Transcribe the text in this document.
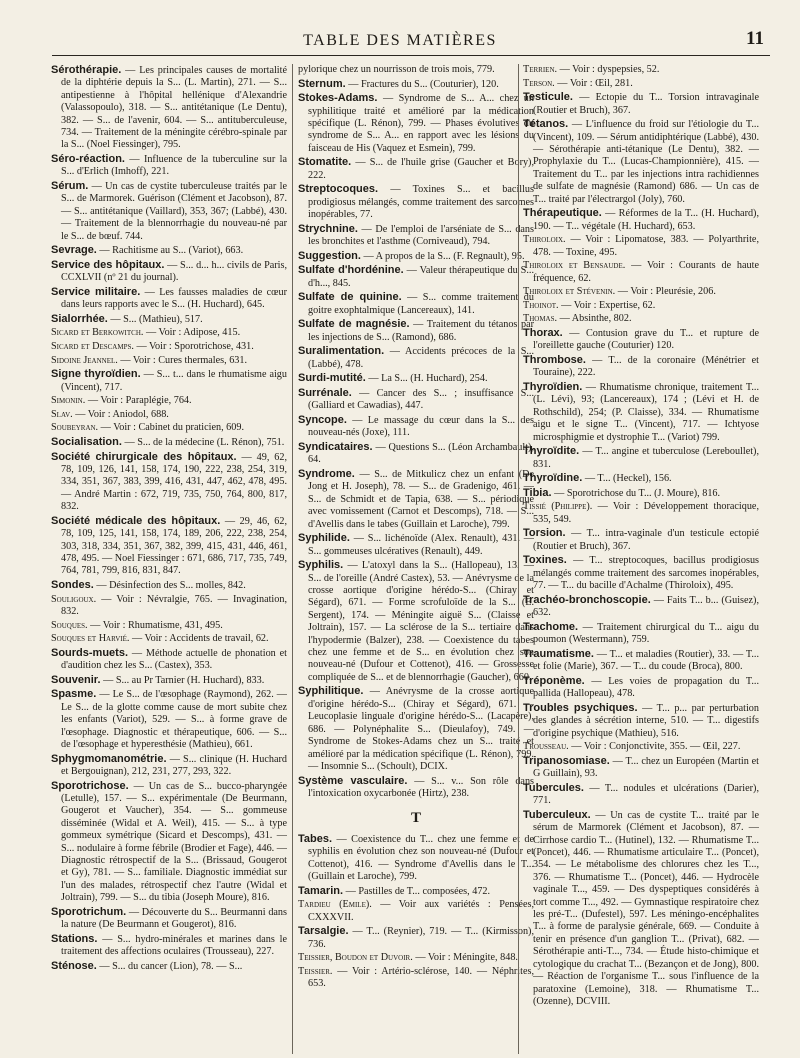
TABLE DES MATIÈRES	11
Sérothérapie. — Les principales causes de mortalité de la diphtérie depuis la S... (L. Martin), 271. — S... antipestienne à l'hôpital hellénique d'Alexandrie (Valassopoulo), 318. — S... antitétanique (Le Dentu), 382. — S... de l'avenir, 604. — S... antituberculeuse, 734. — Traitement de la méningite cérébro-spinale par la S... (Noel Fiessinger), 795.
Séro-réaction. — Influence de la tuberculine sur la S... d'Erlich (Imhoff), 221.
Sérum. — Un cas de cystite tuberculeuse traités par le S... de Marmorek. Guérison (Clément et Jacobson), 87. — S... antitétanique (Vaillard), 353, 367; (Labbé), 430. — Traitement de la blennorrhagie du nouveau-né par le S... de bœuf. 744.
Sevrage. — Rachitisme au S... (Variot), 663.
Service des hôpitaux. — S... d... h... civils de Paris, CCXLVII (nº 21 du journal).
Service militaire. — Les fausses maladies de cœur dans leurs rapports avec le S... (H. Huchard), 645.
Sialorrhée. — S... (Mathieu), 517.
Sicard et Berkowitch. — Voir : Adipose, 415.
Sicard et Descamps. — Voir : Sporotrichose, 431.
Sidoine Jeannel. — Voir : Cures thermales, 631.
Signe thyroïdien. — S... t... dans le rhumatisme aigu (Vincent), 717.
Simonin. — Voir : Paraplégie, 764.
Slav. — Voir : Aniodol, 688.
Soubeyran. — Voir : Cabinet du praticien, 609.
Socialisation. — S... de la médecine (L. Rénon), 751.
Société chirurgicale des hôpitaux. — 49, 62, 78, 109, 126, 141, 158, 174, 190, 222, 238, 254, 319, 334, 351, 367, 383, 399, 416, 431, 447, 462, 478, 495. — André Martin : 672, 719, 735, 750, 764, 800, 817, 832.
Société médicale des hôpitaux. — 29, 46, 62, 78, 109, 125, 141, 158, 174, 189, 206, 222, 238, 254, 303, 318, 334, 351, 367, 382, 399, 415, 431, 446, 461, 478, 495. — Noel Fiessinger : 671, 686, 717, 735, 749, 764, 781, 799, 816, 831, 847.
Sondes. — Désinfection des S... molles, 842.
Souligoux. — Voir : Névralgie, 765. — Invagination, 832.
Souques. — Voir : Rhumatisme, 431, 495.
Souques et Harvié. — Voir : Accidents de travail, 62.
Sourds-muets. — Méthode actuelle de phonation et d'audition chez les S... (Castex), 353.
Souvenir. — S... au Pr Tarnier (H. Huchard), 833.
Spasme. — Le S... de l'œsophage (Raymond), 262. — Le S... de la glotte comme cause de mort subite chez les enfants (Variot), 529. — S... à forme grave de l'œsophage. Diagnostic et thérapeutique, 606. — S... de l'œsophage et hyperesthésie (Mathieu), 661.
Sphygmomanométrie. — S... clinique (H. Huchard et Bergouignan), 212, 231, 277, 293, 322.
Sporotrichose. — Un cas de S... bucco-pharyngée (Letulle), 157. — S... expérimentale (De Beurmann, Gougerot et Vaucher), 354. — S... gommeuse disséminée (Widal et A. Weil), 415. — S... à type gommeux symétrique (Sicard et Descomps), 431. — S... nodulaire à forme fébrile (Brodier et Fage), 446. — Diagnostic rétrospectif de la S... (Brissaud, Gougerot et Gy), 781. — S... familiale. Diagnostic immédiat sur l'un des malades, rétrospectif chez l'autre (Widal et Joltrain), 799. — S... du tibia (Joseph Moure), 816.
Sporotrichum. — Découverte du S... Beurmanni dans la nature (De Beurmann et Gougerot), 816.
Stations. — S... hydro-minérales et marines dans le traitement des affections oculaires (Trousseau), 227.
Sténose. — S... du cancer (Lion), 78. — S...
pylorique chez un nourrisson de trois mois, 779.
Sternum. — Fractures du S... (Couturier), 120.
Stokes-Adams. — Syndrome de S... A... chez un syphilitique traité et amélioré par la médication spécifique (L. Rénon), 799. — Phases évolutives du syndrome de S... A... en rapport avec les lésions du faisceau de His (Vaquez et Esmein), 799.
Stomatite. — S... de l'huile grise (Gaucher et Bory), 222.
Streptocoques. — Toxines S... et bacillus prodigiosus mélangés, comme traitement des sarcomes inopérables, 77.
Strychnine. — De l'emploi de l'arséniate de S... dans les bronchites et l'asthme (Corniveaud), 794.
Suggestion. — A propos de la S... (F. Regnault), 95.
Sulfate d'hordénine. — Valeur thérapeutique du S... d'h..., 845.
Sulfate de quinine. — S... comme traitement du goitre exophtalmique (Lancereaux), 141.
Sulfate de magnésie. — Traitement du tétanos par les injections de S... (Ramond), 686.
Suralimentation. — Accidents précoces de la S... (Labbé), 478.
Surdi-mutité. — La S... (H. Huchard), 254.
Surrénale. — Cancer des S... ; insuffisance S... (Galliard et Cawadias), 447.
Syncope. — Le massage du cœur dans la S... des nouveau-nés (Joxe), 111.
Syndicataires. — Questions S... (Léon Archambault), 64.
Syndrome. — S... de Mitkulicz chez un enfant (De Jong et H. Joseph), 78. — S... de Gradenigo, 461. — S... de Schmidt et de Tapia, 638. — S... périodique avec vomissement (Carnot et Descomps), 718. — S... d'Avellis dans le tabes (Guillain et Laroche), 799.
Syphilide. — S... lichénoïde (Alex. Renault), 431. — S... gommeuses ulcératives (Renault), 449.
Syphilis. — L'atoxyl dans la S... (Hallopeau), 13. — S... de l'oreille (André Castex), 53. — Anévrysme de la crosse aortique d'origine hérédo-S... (Chiray et Ségard), 671. — Forme scrofuloïde de la S... (E. Sergent), 174. — Méningite aiguë S... (Claisse et Joltrain), 157. — La sclérose de la S... tertiaire dans l'hypodermie (Balzer), 238. — Coexistence du tabes chez une femme et de S... en évolution chez son nouveau-né (Dufour et Cottenot), 416. — Grossesse compliquée de S... et de blennorrhagie (Gaucher), 660.
Syphilitique. — Anévrysme de la crosse aortique d'origine hérédo-S... (Chiray et Ségard), 671. — Leucoplasie linguale d'origine hérédo-S... (Lacapère), 686. — Polynéphalite S... (Dieulafoy), 749. — Syndrome de Stokes-Adams chez un S... traité et amélioré par la médication spécifique (L. Rénon), 799. — Insomnie S... (Schoult), DCIX.
Système vasculaire. — S... v... Son rôle dans l'intoxication oxycarbonée (Hirtz), 238.
T
Tabes. — Coexistence du T... chez une femme et de syphilis en évolution chez son nouveau-né (Dufour et Cottenot), 416. — Syndrome d'Avellis dans le T... (Guillain et Laroche), 799.
Tamarin. — Pastilles de T... composées, 472.
Tardieu (Emile). — Voir aux variétés : Pensées, CXXXVII.
Tarsalgie. — T... (Reynier), 719. — T... (Kirmisson), 736.
Teissier, Boudon et Duvoir. — Voir : Méningite, 848.
Teissier. — Voir : Artério-sclérose, 140. — Néphrites, 653.
Terrien. — Voir : dyspepsies, 52.
Terson. — Voir : Œil, 281.
Testicule. — Ectopie du T... Torsion intravaginale (Routier et Bruch), 367.
Tétanos. — L'influence du froid sur l'étiologie du T... (Vincent), 109. — Sérum antidiphtérique (Labbé), 430. — Sérothérapie anti-tétanique (Le Dentu), 382. — Prophylaxie du T... (Lucas-Championnière), 415. — Traitement du T... par les injections intra rachidiennes de sulfate de magnésie (Ramond) 686. — Un cas de T... traité par l'électrargol (Joly), 760.
Thérapeutique. — Réformes de la T... (H. Huchard), 190. — T... végétale (H. Huchard), 653.
Thiroloix. — Voir : Lipomatose, 383. — Polyarthrite, 478. — Toxine, 495.
Thiroloix et Bensaude. — Voir : Courants de haute fréquence, 62.
Thiroloix et Stévenin. — Voir : Pleurésie, 206.
Thoinot. — Voir : Expertise, 62.
Thomas. — Absinthe, 802.
Thorax. — Contusion grave du T... et rupture de l'oreillette gauche (Couturier) 120.
Thrombose. — T... de la coronaire (Ménétrier et Touraine), 222.
Thyroïdien. — Rhumatisme chronique, traitement T... (L. Lévi), 93; (Lancereaux), 174 ; (Lévi et H. de Rothschild), 254; (P. Claisse), 334. — Rhumatisme aigu et le signe T... (Vincent), 717. — Ichtyose microsphigmie et dystrophie T... (Variot) 799.
Thyroïdite. — T... angine et tuberculose (Lereboullet), 831.
Thyroïdine. — T... (Heckel), 156.
Tibia. — Sporotrichose du T... (J. Moure), 816.
Tissié (Philippe). — Voir : Développement thoracique, 535, 549.
Torsion. — T... intra-vaginale d'un testicule ectopié (Routier et Bruch), 367.
Toxines. — T... streptocoques, bacillus prodigiosus mélangés comme traitement des sarcomes inopérables, 77. — T... du bacille d'Achalme (Thiroloix), 495.
Trachéo-bronchoscopie. — Faits T... b... (Guisez), 632.
Trachome. — Traitement chirurgical du T... aigu du poumon (Westermann), 759.
Traumatisme. — T... et maladies (Routier), 33. — T... et folie (Marie), 367. — T... du coude (Broca), 800.
Tréponème. — Les voies de propagation du T... pallida (Hallopeau), 478.
Troubles psychiques. — T... p... par perturbation des glandes à sécrétion interne, 510. — T... digestifs d'origine psychique (Mathieu), 516.
Trousseau. — Voir : Conjonctivite, 355. — Œil, 227.
Tripanosomiase. — T... chez un Européen (Martin et G Guillain), 93.
Tubercules. — T... nodules et ulcérations (Darier), 771.
Tuberculeux. — Un cas de cystite T... traité par le sérum de Marmorek (Clément et Jacobson), 87. — Cirrhose cardio T... (Hutinel), 132. — Rhumatisme T... (Poncet), 446. — Rhumatisme articulaire T... (Poncet), 354. — Le métabolisme des chlorures chez les T..., 376. — Rhumatisme T... (Poncet), 446. — Hydrocèle vaginale T..., 459. — Des dyspeptiques considérés à tort comme T..., 492. — Gymnastique respiratoire chez les pré-T... (Dufestel), 597. Les méningo-encéphalites T... à forme de paralysie générale, 669. — Conduite à tenir en présence d'un ganglion T... (Privat), 682. — Sérothérapie anti-T..., 734. — Étude histo-chimique et cytologique du crachat T... (Bezançon et de Jong), 800. — Réaction de l'organisme T... sous l'influence de la paratoxine (Lemoine), 318. — Rhumatisme T... (Ozenne), DCVIII.
